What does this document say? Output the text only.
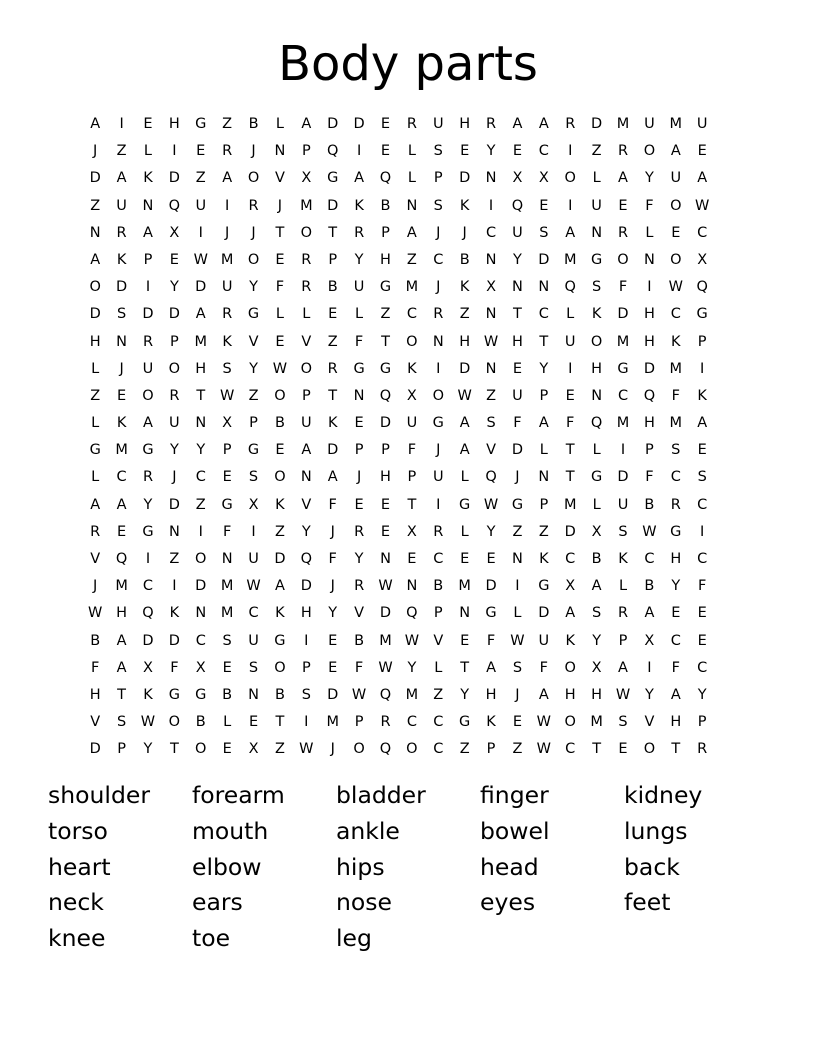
Body parts
A	I	E	H	G	Z	B	L	A	D	D	E	R	U	H	R	A	A	R	D	M	U	M	U
J	Z	L	I	E	R	J	N	P	Q	I	E	L	S	E	Y	E	C	I	Z	R	O	A	E
D	A	K	D	Z	A	O	V	X	G	A	Q	L	P	D	N	X	X	O	L	A	Y	U	A
Z	U	N	Q	U	I	R	J	M	D	K	B	N	S	K	I	Q	E	I	U	E	F	O W
N	R	A	X	I	J	J	T	O	T	R	P	A	J	J	C	U	S	A	N	R	L	E	C
A	K	P	E	W M O	E	R	P	Y	H	Z	C	B	N	Y	D	M	G	O	N	O	X
O	D	I	Y	D	U	Y	F	R	B	U	G	M	J	K	X	N	N	Q	S	F	I	W Q
D	S	D	D	A	R	G	L	L	E	L	Z	C	R	Z	N	T	C	L	K	D	H	C	G
H	N	R	P	M	K	V	E	V	Z	F	T	O	N	H W H	T	U	O M	H	K	P
L	J	U	O	H	S	Y	W O	R	G	G	K	I	D	N	E	Y	I	H	G	D	M	I
Z	E	O	R	T	W Z	O	P	T	N	Q	X	O W Z	U	P	E	N	C	Q	F	K
L	K	A	U	N	X	P	B	U	K	E	D	U	G	A	S	F	A	F	Q M	H	M	A
G	M	G	Y	Y	P	G	E	A	D	P	P	F	J	A	V	D	L	T	L	I	P	S	E
L	C	R	J	C	E	S	O	N	A	J	H	P	U	L	Q	J	N	T	G	D	F	C	S
A	A	Y	D	Z	G	X	K	V	F	E	E	T	I	G W G	P	M	L	U	B	R	C
R	E	G	N	I	F	I	Z	Y	J	R	E	X	R	L	Y	Z	Z	D	X	S	W G	I
V	Q	I	Z	O	N	U	D	Q	F	Y	N	E	C	E	E	N	K	C	B	K	C	H	C
J	M	C	I	D	M W A	D	J	R W N	B	M	D	I	G	X	A	L	B	Y	F
W H	Q	K	N	M	C	K	H	Y	V	D	Q	P	N	G	L	D	A	S	R	A	E	E
B	A	D	D	C	S	U	G	I	E	B	M W V	E	F	W U	K	Y	P	X	C	E
F	A	X	F	X	E	S	O	P	E	F	W	Y	L	T	A	S	F	O	X	A	I	F	C
H	T	K	G	G	B	N	B	S	D W Q M	Z	Y	H	J	A	H	H W	Y	A	Y
V	S	W O	B	L	E	T	I	M	P	R	C	C	G	K	E	W O M	S	V	H	P
D	P	Y	T	O	E	X	Z W	J	O	Q	O	C	Z	P	Z W C	T	E	O	T	R
shoulder	forearm	bladder	finger	kidney
torso	mouth	ankle	bowel	lungs
heart	elbow	hips	head	back
neck	ears	nose	eyes	feet
knee	toe	leg
